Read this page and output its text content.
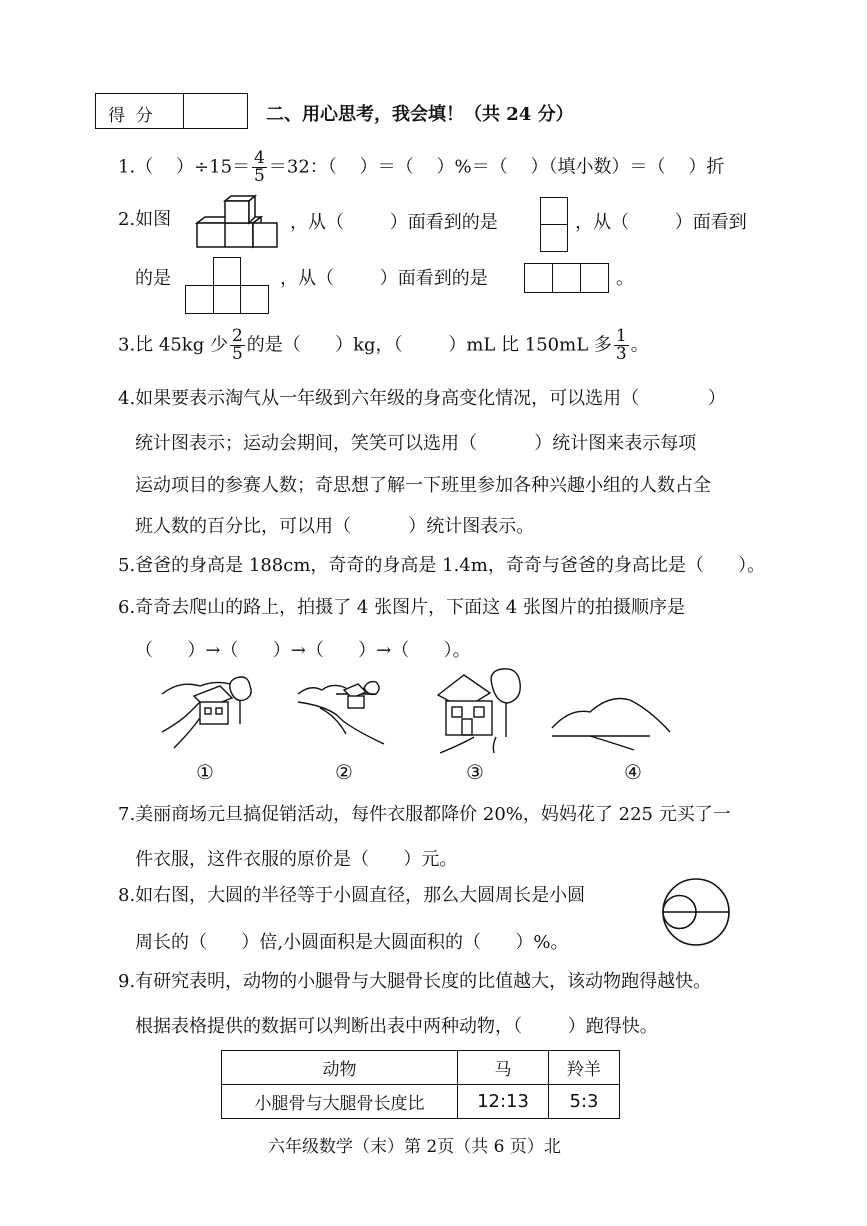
得  分	二、用心思考，我会填！（共 24 分）
1.（    ）$\div 15= \frac{4}{5} =32$：（    ）＝（    ）%＝（    ）（填小数）＝（    ）折
2.如图	，从（        ）面看到的是	，从（        ）面看到
的是	，从（        ）面看到的是	。
3.比 45kg 少 $\frac{2}{5}$ 的是（      ）kg，（        ）mL 比 150mL 多 $\frac{1}{3}$ 。
4.如果要表示淘气从一年级到六年级的身高变化情况，可以选用（            ）
统计图表示；运动会期间，笑笑可以选用（          ）统计图来表示每项
运动项目的参赛人数；奇思想了解一下班里参加各种兴趣小组的人数占全
班人数的百分比，可以用（          ）统计图表示。
5.爸爸的身高是 188cm，奇奇的身高是 1.4m，奇奇与爸爸的身高比是（      ）。
6.奇奇去爬山的路上，拍摄了 4 张图片，下面这 4 张图片的拍摄顺序是
（      ）→（      ）→（      ）→（      ）。
①	②	③	④
7.美丽商场元旦搞促销活动，每件衣服都降价 20%，妈妈花了 225 元买了一
件衣服，这件衣服的原价是（      ）元。
8.如右图，大圆的半径等于小圆直径，那么大圆周长是小圆
周长的（      ）倍,小圆面积是大圆面积的（      ）%。
9.有研究表明，动物的小腿骨与大腿骨长度的比值越大，该动物跑得越快。
根据表格提供的数据可以判断出表中两种动物，（        ）跑得快。
动物	马	羚羊
小腿骨与大腿骨长度比	12:13	5:3
六年级数学（末）第 2页（共 6 页）北
